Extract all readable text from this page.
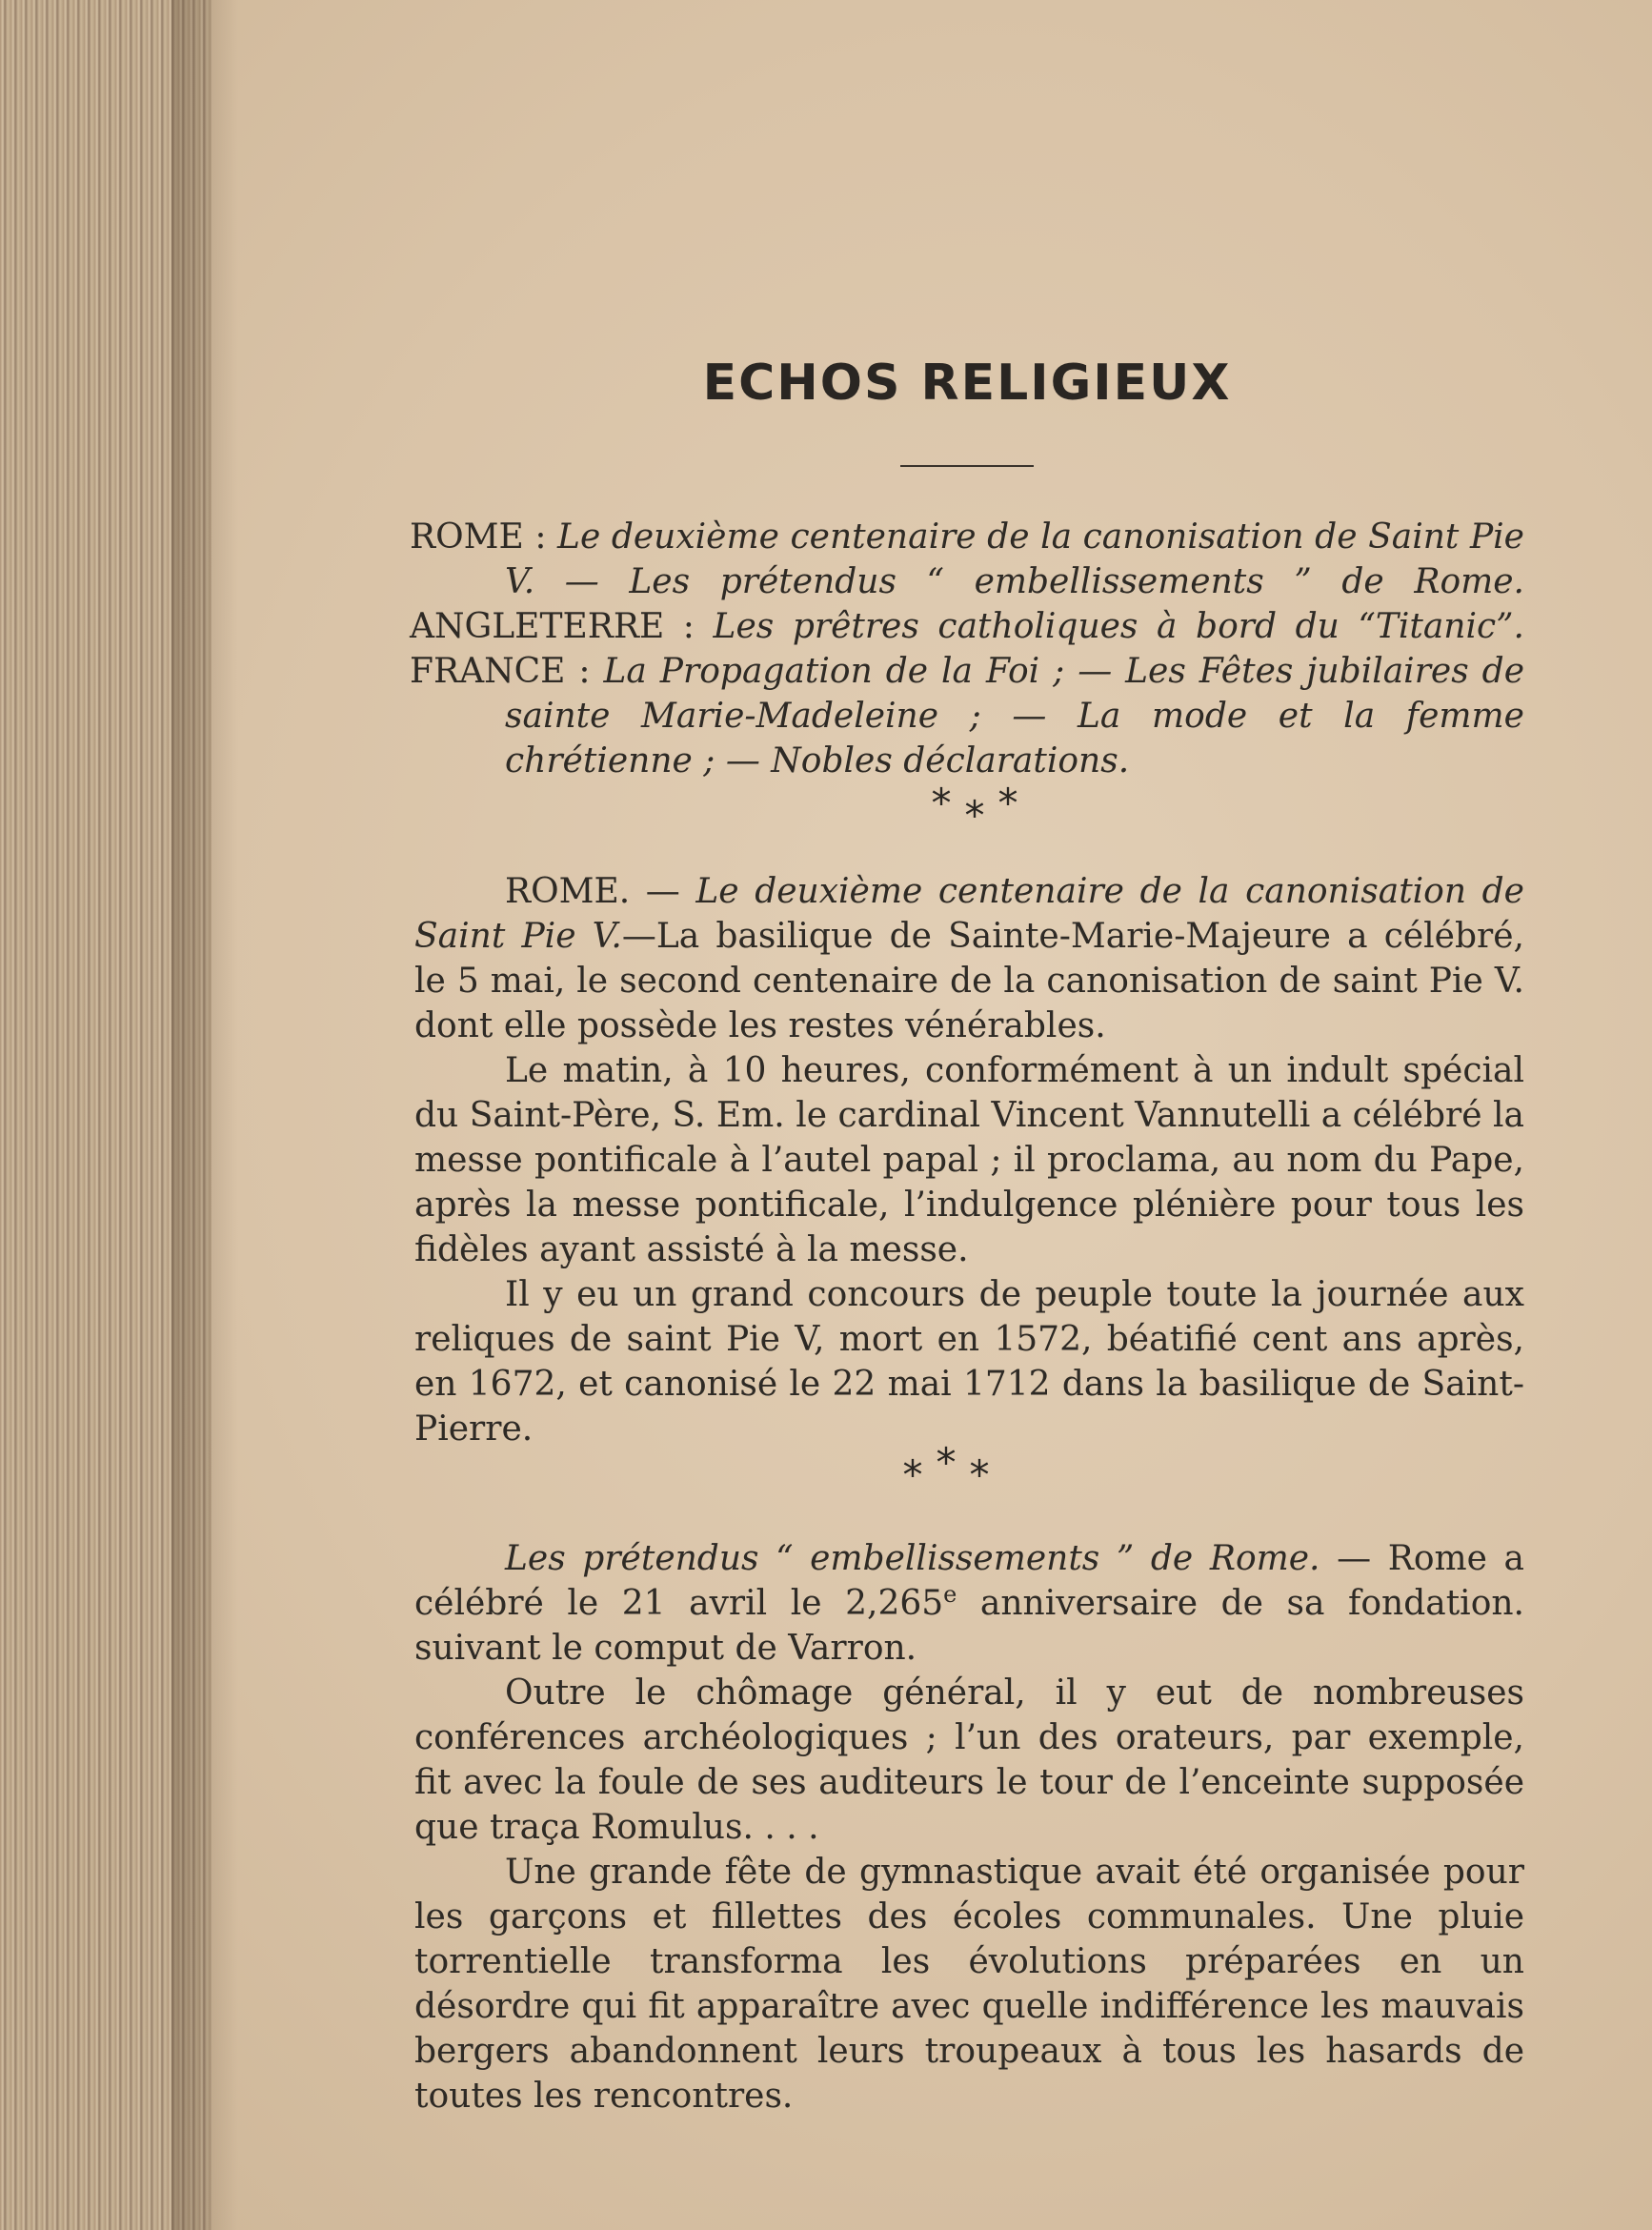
ECHOS RELIGIEUX

ROME : Le deuxième centenaire de la canonisation de Saint Pie V. — Les prétendus “ embellissements ” de Rome.

ANGLETERRE : Les prêtres catholiques à bord du “Titanic”.

FRANCE : La Propagation de la Foi ; — Les Fêtes jubilaires de sainte Marie-Madeleine ; — La mode et la femme chrétienne ; — Nobles déclarations.

*⁎*

ROME. — Le deuxième centenaire de la canonisation de Saint Pie V.—La basilique de Sainte-Marie-Majeure a célébré, le 5 mai, le second centenaire de la canonisation de saint Pie V. dont elle possède les restes vénérables.

Le matin, à 10 heures, conformément à un indult spécial du Saint-Père, S. Em. le cardinal Vincent Vannutelli a célébré la messe pontificale à l’autel papal ; il proclama, au nom du Pape, après la messe pontificale, l’indulgence plénière pour tous les fidèles ayant assisté à la messe.

Il y eu un grand concours de peuple toute la journée aux reliques de saint Pie V, mort en 1572, béatifié cent ans après, en 1672, et canonisé le 22 mai 1712 dans la basilique de Saint-Pierre.

⁎*⁎

Les prétendus “ embellissements ” de Rome. — Rome a célébré le 21 avril le 2,265e anniversaire de sa fondation. suivant le comput de Varron.

Outre le chômage général, il y eut de nombreuses conférences archéologiques ; l’un des orateurs, par exemple, fit avec la foule de ses auditeurs le tour de l’enceinte supposée que traça Romulus. . . .

Une grande fête de gymnastique avait été organisée pour les garçons et fillettes des écoles communales. Une pluie torrentielle transforma les évolutions préparées en un désordre qui fit apparaître avec quelle indifférence les mauvais bergers abandonnent leurs troupeaux à tous les hasards de toutes les rencontres.
